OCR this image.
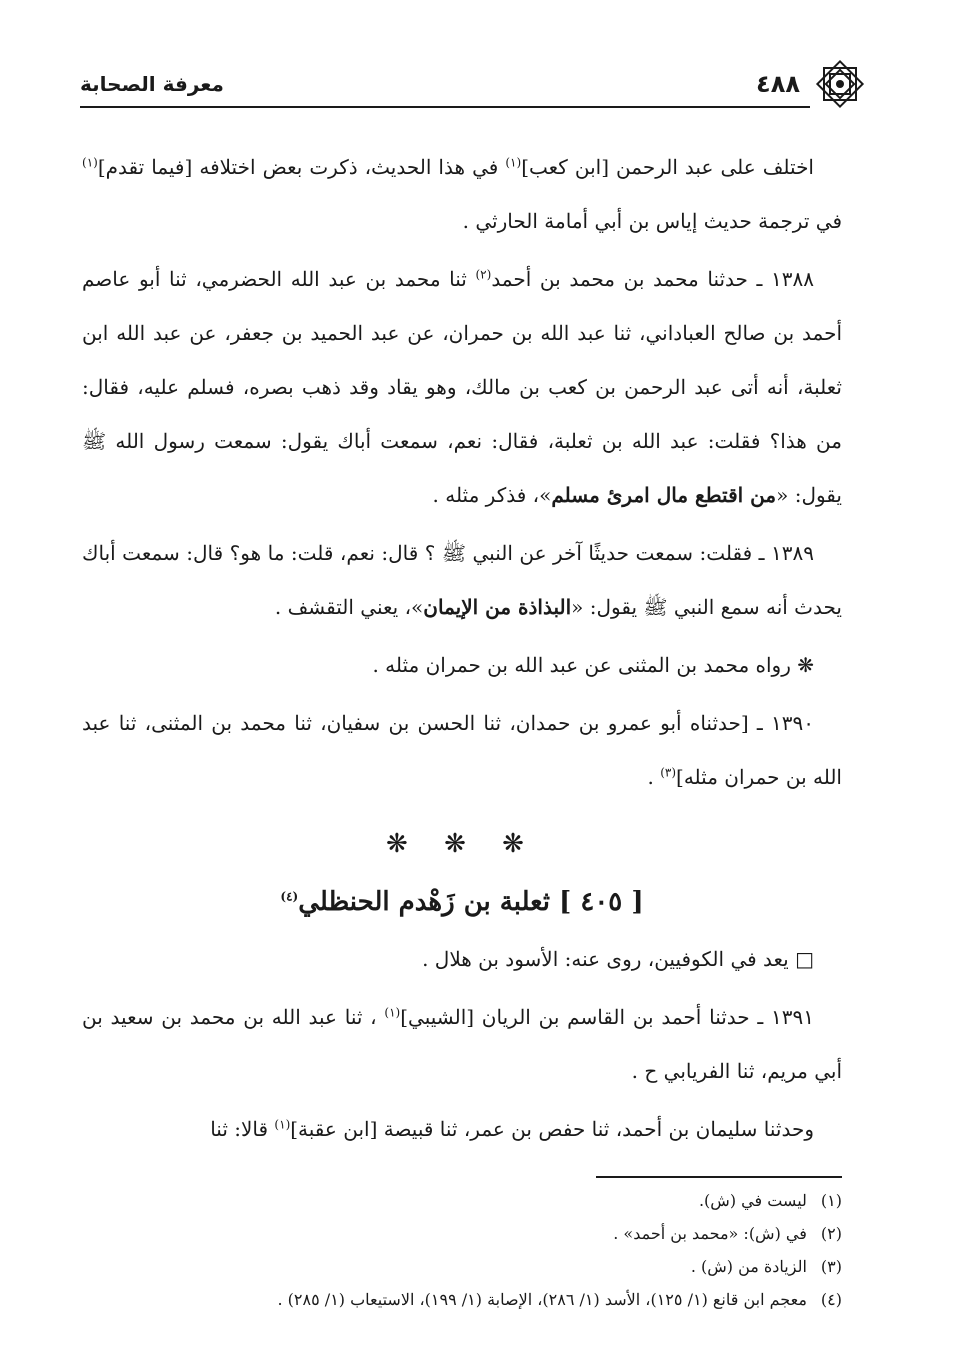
معرفة الصحابة	٤٨٨

اختلف على عبد الرحمن [ابن كعب]$^{(١)}$ في هذا الحديث، ذكرت بعض اختلافه [فيما تقدم]$^{(١)}$ في ترجمة حديث إياس بن أبي أمامة الحارثي .

١٣٨٨ ـ حدثنا محمد بن محمد بن أحمد$^{(٢)}$ ثنا محمد بن عبد الله الحضرمي، ثنا أبو عاصم أحمد بن صالح العباداني، ثنا عبد الله بن حمران، عن عبد الحميد بن جعفر، عن عبد الله ابن ثعلبة، أنه أتى عبد الرحمن بن كعب بن مالك، وهو يقاد وقد ذهب بصره، فسلم عليه، فقال: من هذا؟ فقلت: عبد الله بن ثعلبة، فقال: نعم، سمعت أباك يقول: سمعت رسول الله ﷺ يقول: «من اقتطع مال امرئ مسلم»، فذكر مثله .

١٣٨٩ ـ فقلت: سمعت حديثًا آخر عن النبي ﷺ ؟ قال: نعم، قلت: ما هو؟ قال: سمعت أباك يحدث أنه سمع النبي ﷺ يقول: «البذاذة من الإيمان»، يعني التقشف .

❋ رواه محمد بن المثنى عن عبد الله بن حمران مثله .

١٣٩٠ ـ [حدثناه أبو عمرو بن حمدان، ثنا الحسن بن سفيان، ثنا محمد بن المثنى، ثنا عبد الله بن حمران مثله]$^{(٣)}$ .

❋ ❋ ❋
[ ٤٠٥ ] ثعلبة بن زَهْدم الحنظلي$^{(٤)}$

□ يعد في الكوفيين، روى عنه: الأسود بن هلال .

١٣٩١ ـ حدثنا أحمد بن القاسم بن الريان [الشيبي]$^{(١)}$ ، ثنا عبد الله بن محمد بن سعيد بن أبي مريم، ثنا الفريابي ح .

وحدثنا سليمان بن أحمد، ثنا حفص بن عمر، ثنا قبيصة [ابن عقبة]$^{(١)}$ قالا: ثنا

(١) ليست في (ش).
(٢) في (ش): «محمد بن أحمد» .
(٣) الزيادة من (ش) .
(٤) معجم ابن قانع (١/ ١٢٥)، الأسد (١/ ٢٨٦)، الإصابة (١/ ١٩٩)، الاستيعاب (١/ ٢٨٥) .
